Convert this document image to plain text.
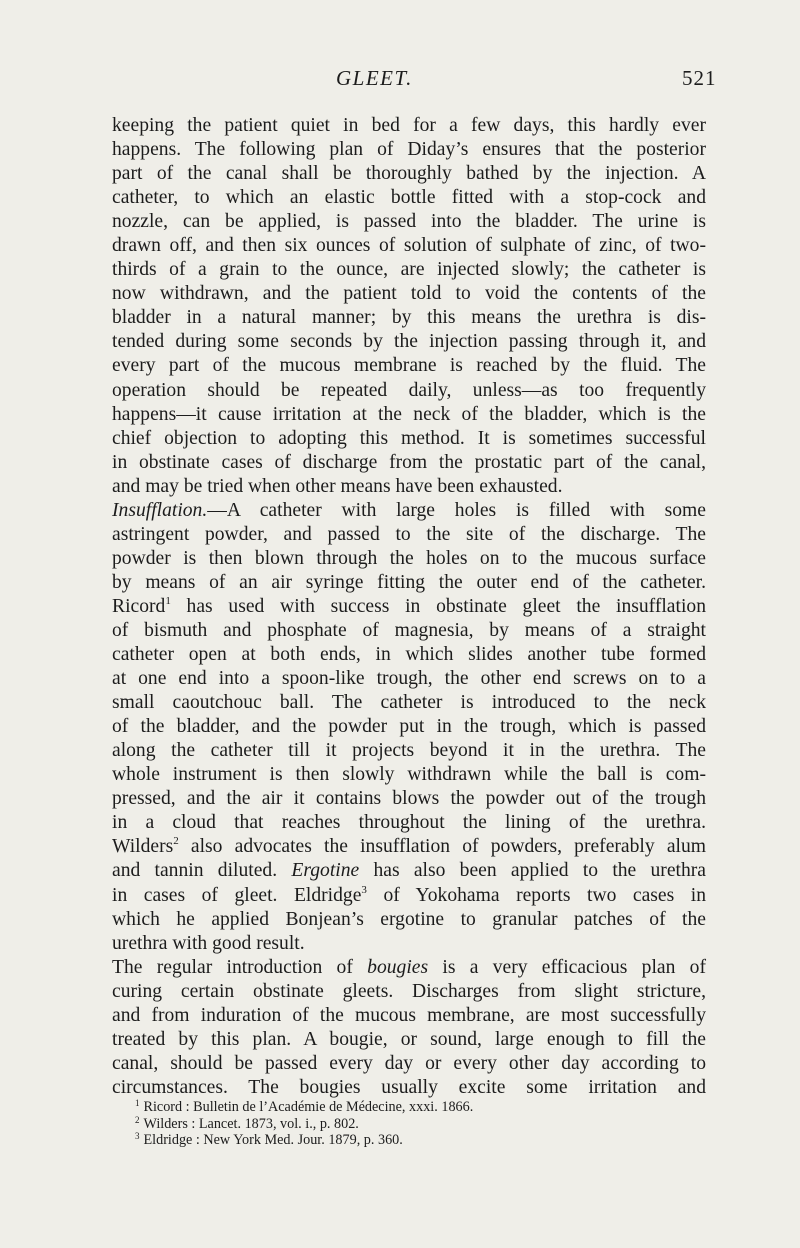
GLEET.	521
keeping the patient quiet in bed for a few days, this hardly ever
happens. The following plan of Diday’s ensures that the posterior
part of the canal shall be thoroughly bathed by the injection. A
catheter, to which an elastic bottle fitted with a stop-cock and
nozzle, can be applied, is passed into the bladder. The urine is
drawn off, and then six ounces of solution of sulphate of zinc, of two-
thirds of a grain to the ounce, are injected slowly; the catheter is
now withdrawn, and the patient told to void the contents of the
bladder in a natural manner; by this means the urethra is dis-
tended during some seconds by the injection passing through it, and
every part of the mucous membrane is reached by the fluid. The
operation should be repeated daily, unless—as too frequently
happens—it cause irritation at the neck of the bladder, which is the
chief objection to adopting this method. It is sometimes successful
in obstinate cases of discharge from the prostatic part of the canal,
and may be tried when other means have been exhausted.
Insufflation.—A catheter with large holes is filled with some
astringent powder, and passed to the site of the discharge. The
powder is then blown through the holes on to the mucous surface
by means of an air syringe fitting the outer end of the catheter.
Ricord$^1$ has used with success in obstinate gleet the insufflation
of bismuth and phosphate of magnesia, by means of a straight
catheter open at both ends, in which slides another tube formed
at one end into a spoon-like trough, the other end screws on to a
small caoutchouc ball. The catheter is introduced to the neck
of the bladder, and the powder put in the trough, which is passed
along the catheter till it projects beyond it in the urethra. The
whole instrument is then slowly withdrawn while the ball is com-
pressed, and the air it contains blows the powder out of the trough
in a cloud that reaches throughout the lining of the urethra.
Wilders$^2$ also advocates the insufflation of powders, preferably alum
and tannin diluted. Ergotine has also been applied to the urethra
in cases of gleet. Eldridge$^3$ of Yokohama reports two cases in
which he applied Bonjean’s ergotine to granular patches of the
urethra with good result.
The regular introduction of bougies is a very efficacious plan of
curing certain obstinate gleets. Discharges from slight stricture,
and from induration of the mucous membrane, are most successfully
treated by this plan. A bougie, or sound, large enough to fill the
canal, should be passed every day or every other day according to
circumstances. The bougies usually excite some irritation and
$^1$ Ricord : Bulletin de l’Académie de Médecine, xxxi. 1866.
$^2$ Wilders : Lancet. 1873, vol. i., p. 802.
$^3$ Eldridge : New York Med. Jour. 1879, p. 360.
